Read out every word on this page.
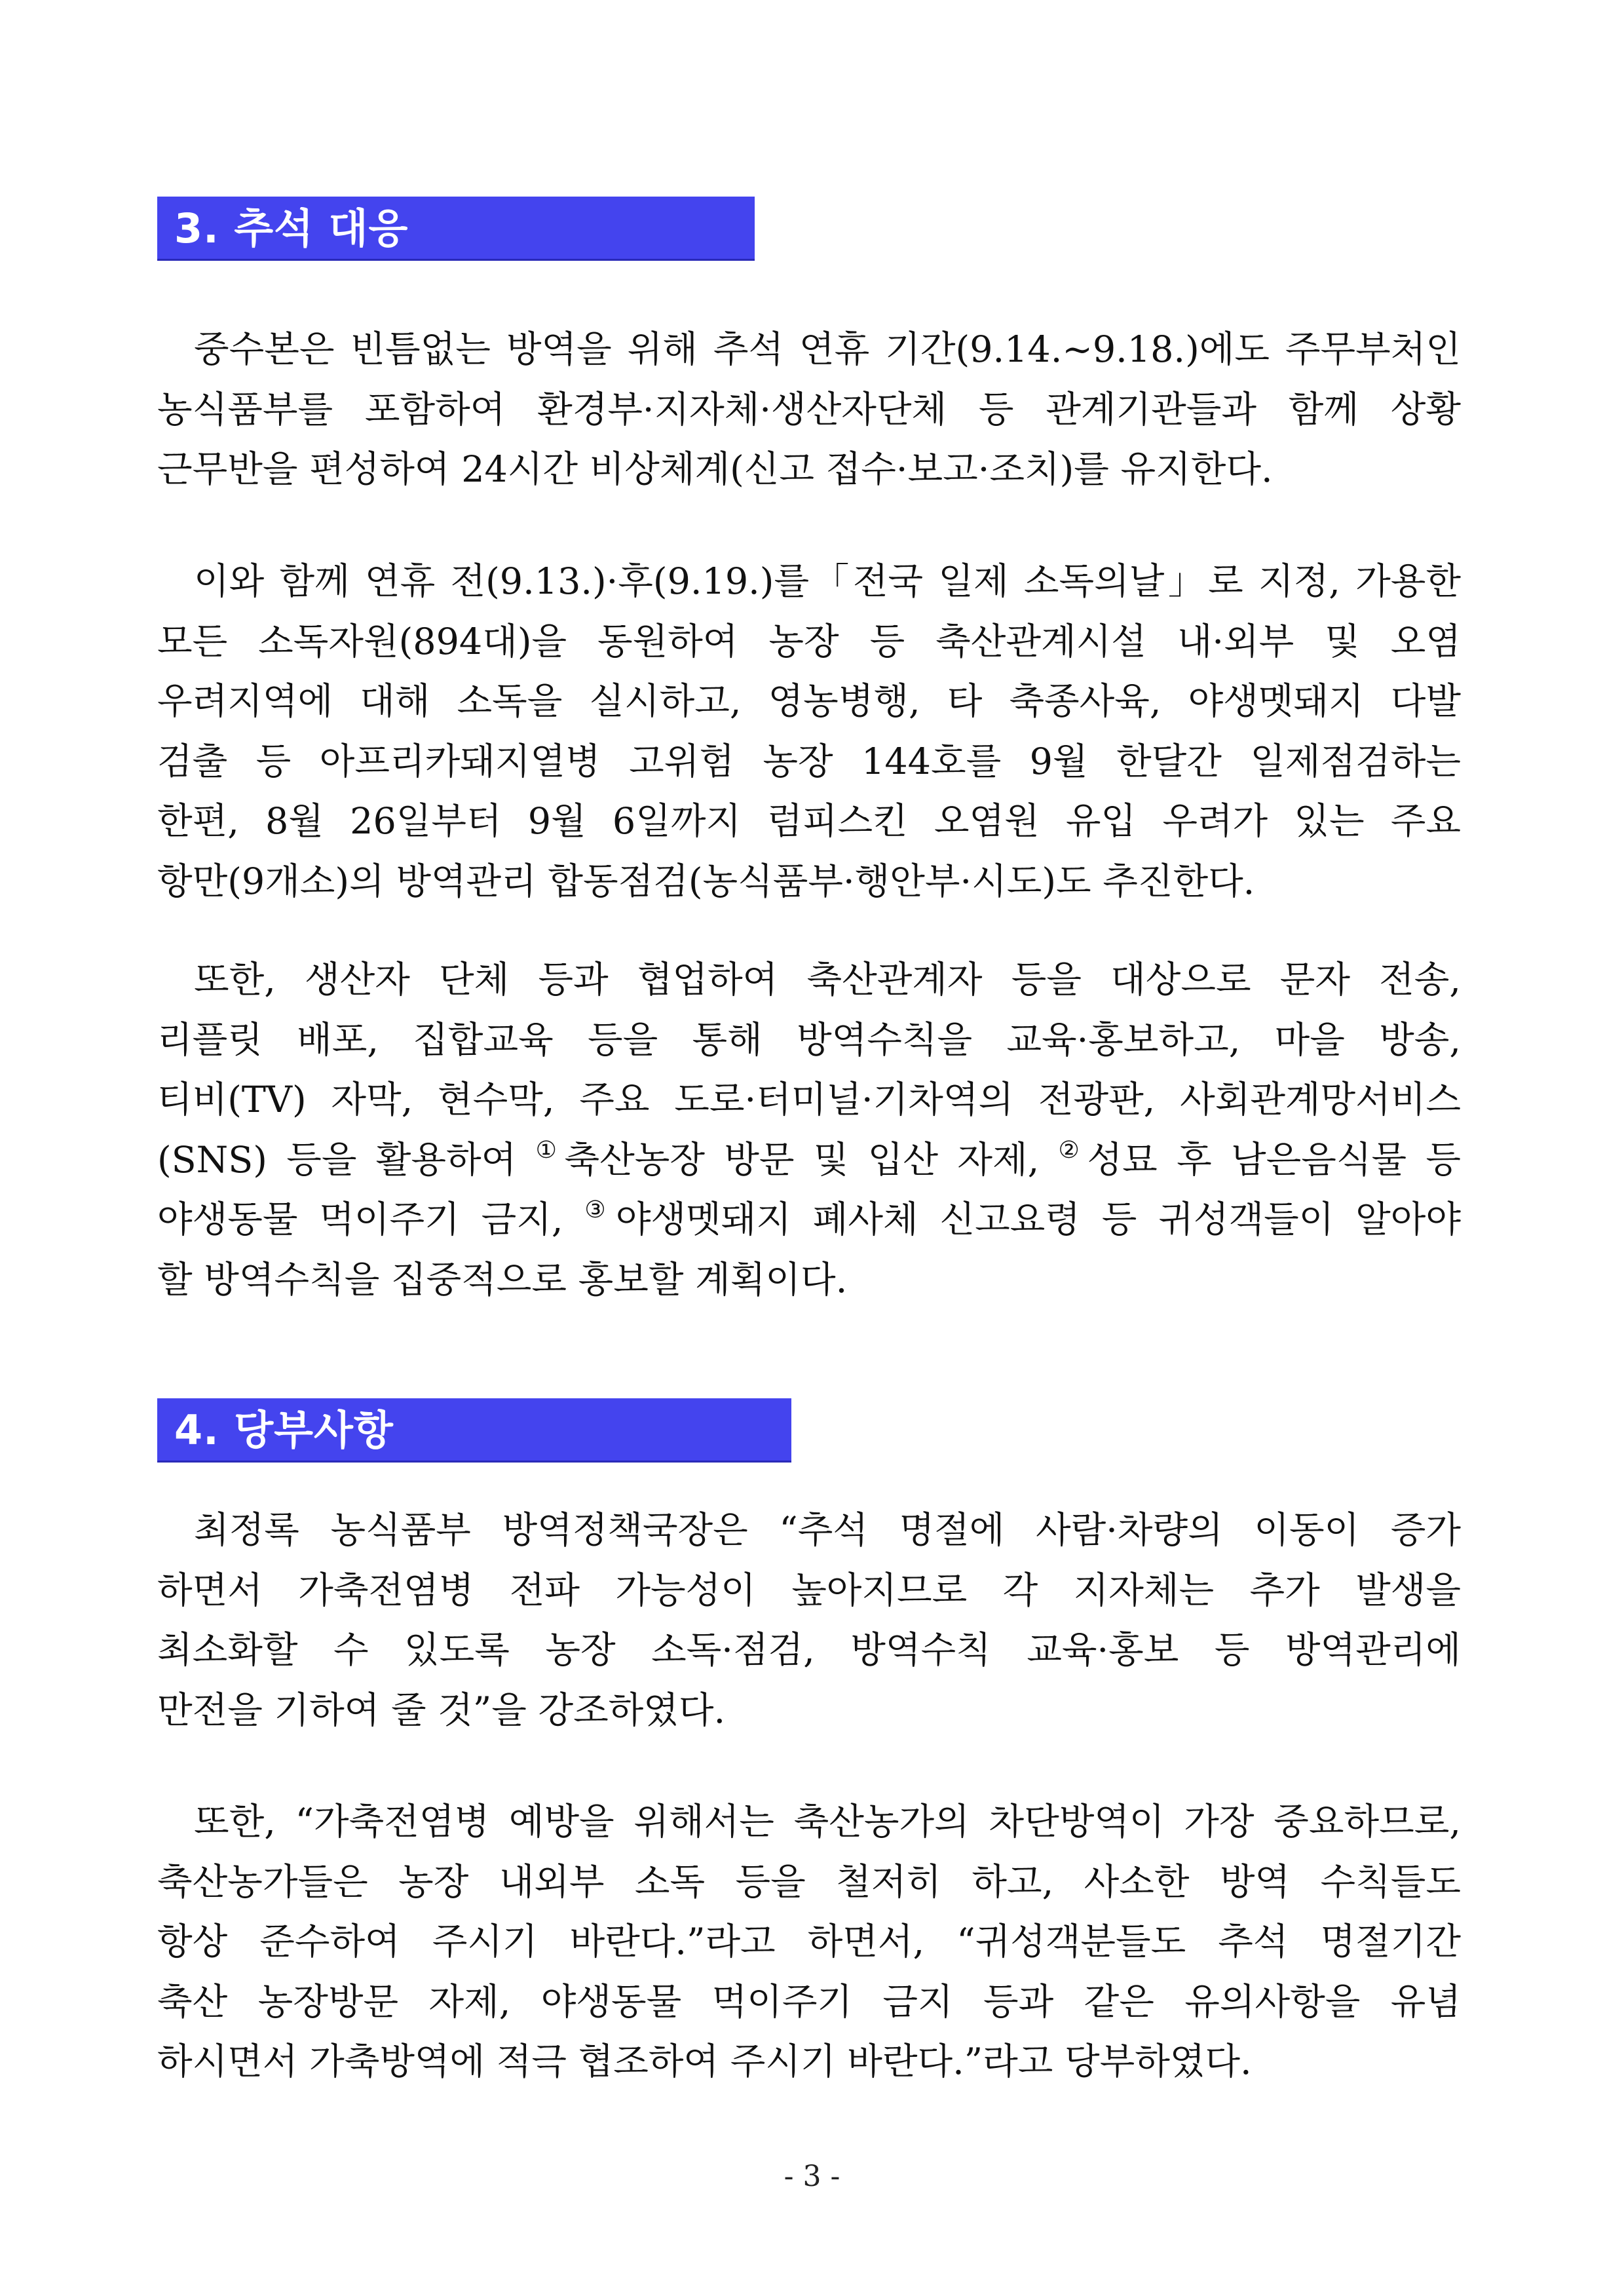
3. 추석 대응
중수본은 빈틈없는 방역을 위해 추석 연휴 기간(9.14.~9.18.)에도 주무부처인
농식품부를 포함하여 환경부·지자체·생산자단체 등 관계기관들과 함께 상황
근무반을 편성하여 24시간 비상체계(신고 접수·보고·조치)를 유지한다.
이와 함께 연휴 전(9.13.)·후(9.19.)를「전국 일제 소독의날」로 지정, 가용한
모든 소독자원(894대)을 동원하여 농장 등 축산관계시설 내·외부 및 오염
우려지역에 대해 소독을 실시하고, 영농병행, 타 축종사육, 야생멧돼지 다발
검출 등 아프리카돼지열병 고위험 농장 144호를 9월 한달간 일제점검하는
한편, 8월 26일부터 9월 6일까지 럼피스킨 오염원 유입 우려가 있는 주요
항만(9개소)의 방역관리 합동점검(농식품부·행안부·시도)도 추진한다.
또한, 생산자 단체 등과 협업하여 축산관계자 등을 대상으로 문자 전송,
리플릿 배포, 집합교육 등을 통해 방역수칙을 교육·홍보하고, 마을 방송,
티비(TV) 자막, 현수막, 주요 도로·터미널·기차역의 전광판, 사회관계망서비스
(SNS) 등을 활용하여 ①축산농장 방문 및 입산 자제, ②성묘 후 남은음식물 등
야생동물 먹이주기 금지, ③야생멧돼지 폐사체 신고요령 등 귀성객들이 알아야
할 방역수칙을 집중적으로 홍보할 계획이다.
4. 당부사항
최정록 농식품부 방역정책국장은 “추석 명절에 사람·차량의 이동이 증가
하면서 가축전염병 전파 가능성이 높아지므로 각 지자체는 추가 발생을
최소화할 수 있도록 농장 소독·점검, 방역수칙 교육·홍보 등 방역관리에
만전을 기하여 줄 것”을 강조하였다.
또한, “가축전염병 예방을 위해서는 축산농가의 차단방역이 가장 중요하므로,
축산농가들은 농장 내외부 소독 등을 철저히 하고, 사소한 방역 수칙들도
항상 준수하여 주시기 바란다.”라고 하면서, “귀성객분들도 추석 명절기간
축산 농장방문 자제, 야생동물 먹이주기 금지 등과 같은 유의사항을 유념
하시면서 가축방역에 적극 협조하여 주시기 바란다.”라고 당부하였다.
- 3 -
